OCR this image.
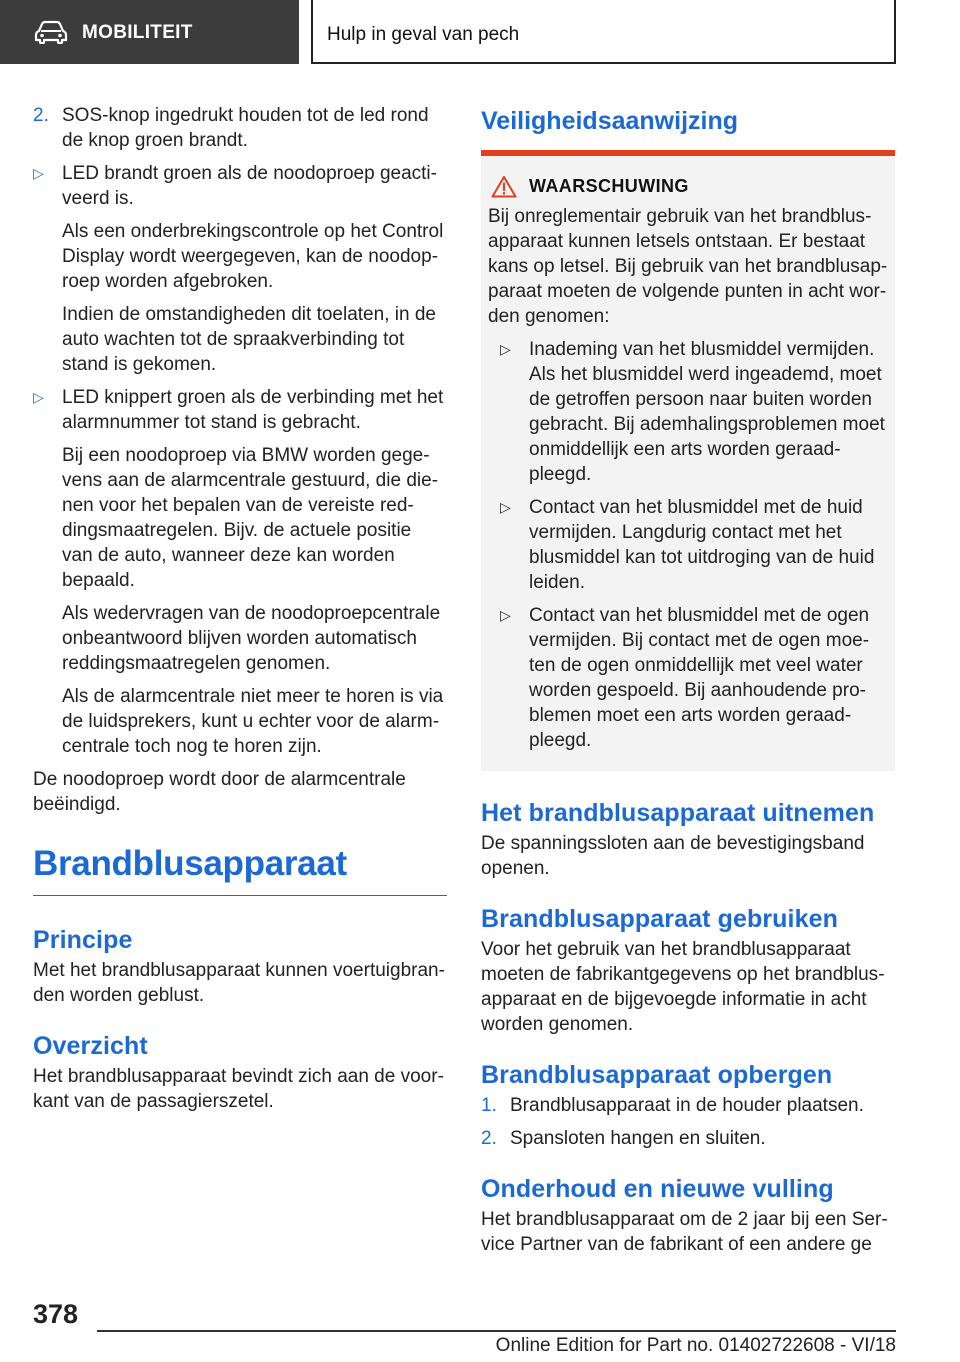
MOBILITEIT	Hulp in geval van pech
2. SOS-knop ingedrukt houden tot de led rond de knop groen brandt.

▷ LED brandt groen als de noodoproep geactiveerd is.

Als een onderbrekingscontrole op het Control Display wordt weergegeven, kan de noodoproep worden afgebroken.

Indien de omstandigheden dit toelaten, in de auto wachten tot de spraakverbinding tot stand is gekomen.

▷ LED knippert groen als de verbinding met het alarmnummer tot stand is gebracht.

Bij een noodoproep via BMW worden gegevens aan de alarmcentrale gestuurd, die dienen voor het bepalen van de vereiste reddingsmaatregelen. Bijv. de actuele positie van de auto, wanneer deze kan worden bepaald.

Als wedervragen van de noodoproepcentrale onbeantwoord blijven worden automatisch reddingsmaatregelen genomen.

Als de alarmcentrale niet meer te horen is via de luidsprekers, kunt u echter voor de alarmcentrale toch nog te horen zijn.

De noodoproep wordt door de alarmcentrale beëindigd.

Brandblusapparaat
Principe

Met het brandblusapparaat kunnen voertuigbranden worden geblust.

Overzicht

Het brandblusapparaat bevindt zich aan de voorkant van de passagierszetel.

Veiligheidsaanwijzing
WAARSCHUWING

Bij onreglementair gebruik van het brandblusapparaat kunnen letsels ontstaan. Er bestaat kans op letsel. Bij gebruik van het brandblusapparaat moeten de volgende punten in acht worden genomen:

▷ Inademing van het blusmiddel vermijden. Als het blusmiddel werd ingeademd, moet de getroffen persoon naar buiten worden gebracht. Bij ademhalingsproblemen moet onmiddellijk een arts worden geraadpleegd.

▷ Contact van het blusmiddel met de huid vermijden. Langdurig contact met het blusmiddel kan tot uitdroging van de huid leiden.

▷ Contact van het blusmiddel met de ogen vermijden. Bij contact met de ogen moeten de ogen onmiddellijk met veel water worden gespoeld. Bij aanhoudende problemen moet een arts worden geraadpleegd.

Het brandblusapparaat uitnemen

De spanningssloten aan de bevestigingsband openen.

Brandblusapparaat gebruiken

Voor het gebruik van het brandblusapparaat moeten de fabrikantgegevens op het brandblusapparaat en de bijgevoegde informatie in acht worden genomen.

Brandblusapparaat opbergen
1. Brandblusapparaat in de houder plaatsen.

2. Spansloten hangen en sluiten.

Onderhoud en nieuwe vulling

Het brandblusapparaat om de 2 jaar bij een Service Partner van de fabrikant of een andere ge

378
Online Edition for Part no. 01402722608 - VI/18
